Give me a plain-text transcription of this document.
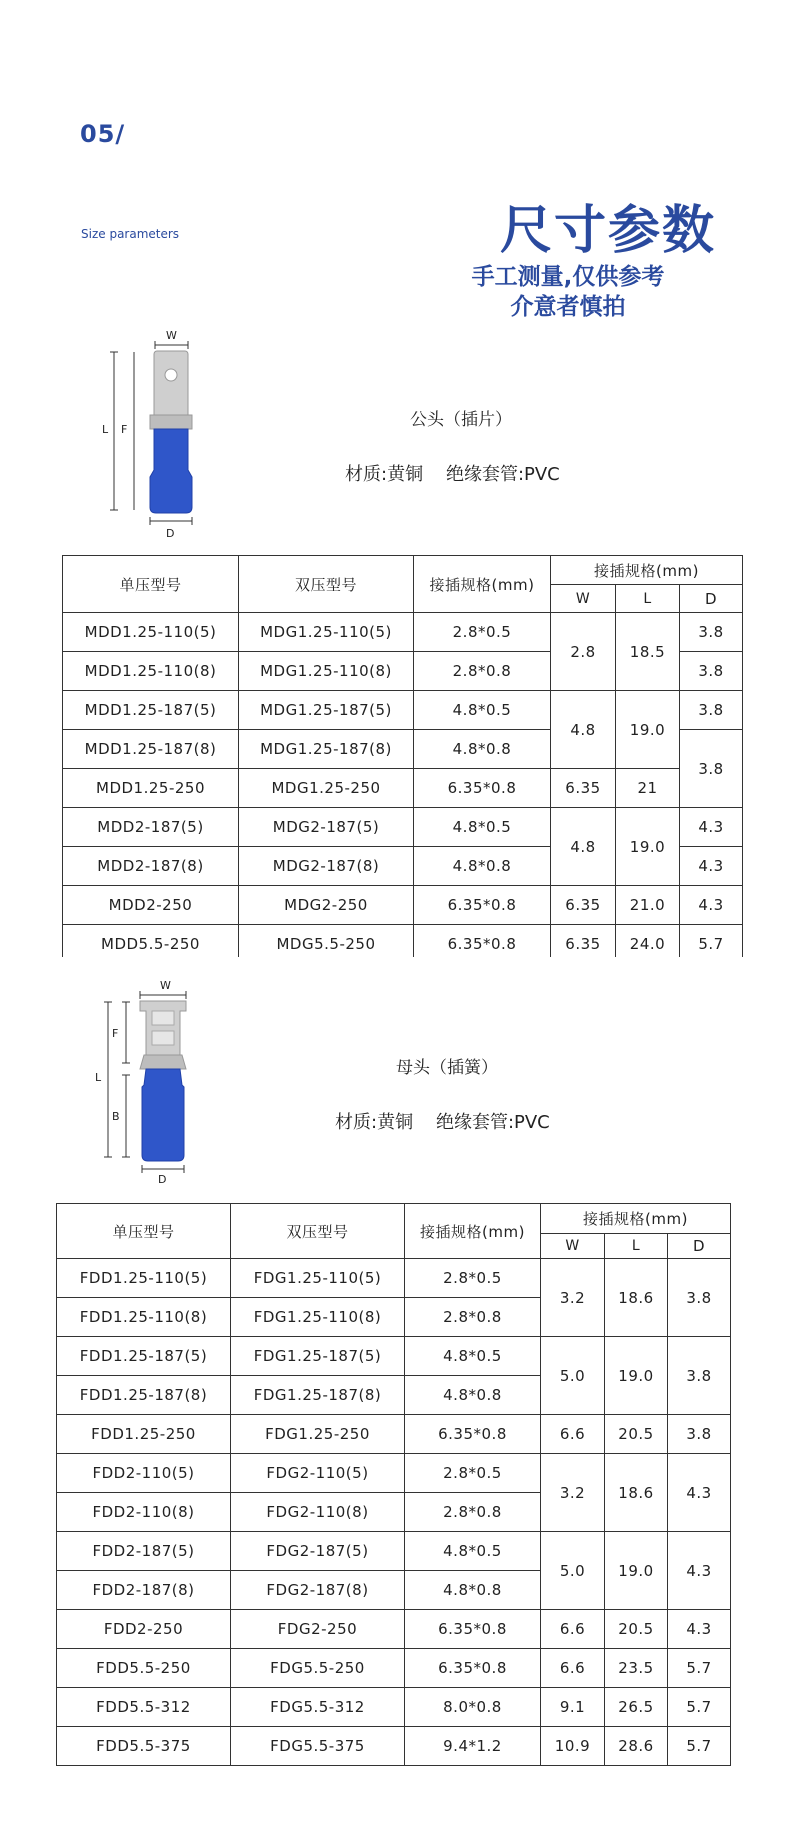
05/
Size parameters	尺寸参数
手工测量,仅供参考
介意者慎拍
W
L F
D
公头（插片）
材质:黄铜    绝缘套管:PVC
单压型号	双压型号	接插规格(mm)	接插规格(mm)		
			W	L	D
MDD1.25-110(5)	MDG1.25-110(5)	2.8*0.5	2.8	18.5	3.8
MDD1.25-110(8)	MDG1.25-110(8)	2.8*0.8			3.8
MDD1.25-187(5)	MDG1.25-187(5)	4.8*0.5	4.8	19.0	3.8
MDD1.25-187(8)	MDG1.25-187(8)	4.8*0.8			3.8
MDD1.25-250	MDG1.25-250	6.35*0.8	6.35	21	
MDD2-187(5)	MDG2-187(5)	4.8*0.5	4.8	19.0	4.3
MDD2-187(8)	MDG2-187(8)	4.8*0.8			4.3
MDD2-250	MDG2-250	6.35*0.8	6.35	21.0	4.3
MDD5.5-250	MDG5.5-250	6.35*0.8	6.35	24.0	5.7
W
L
F
B
D
母头（插簧）
材质:黄铜    绝缘套管:PVC
单压型号	双压型号	接插规格(mm)	接插规格(mm)		
			W	L	D
FDD1.25-110(5)	FDG1.25-110(5)	2.8*0.5	3.2	18.6	3.8
FDD1.25-110(8)	FDG1.25-110(8)	2.8*0.8			
FDD1.25-187(5)	FDG1.25-187(5)	4.8*0.5	5.0	19.0	3.8
FDD1.25-187(8)	FDG1.25-187(8)	4.8*0.8			
FDD1.25-250	FDG1.25-250	6.35*0.8	6.6	20.5	3.8
FDD2-110(5)	FDG2-110(5)	2.8*0.5	3.2	18.6	4.3
FDD2-110(8)	FDG2-110(8)	2.8*0.8			
FDD2-187(5)	FDG2-187(5)	4.8*0.5	5.0	19.0	4.3
FDD2-187(8)	FDG2-187(8)	4.8*0.8			
FDD2-250	FDG2-250	6.35*0.8	6.6	20.5	4.3
FDD5.5-250	FDG5.5-250	6.35*0.8	6.6	23.5	5.7
FDD5.5-312	FDG5.5-312	8.0*0.8	9.1	26.5	5.7
FDD5.5-375	FDG5.5-375	9.4*1.2	10.9	28.6	5.7
